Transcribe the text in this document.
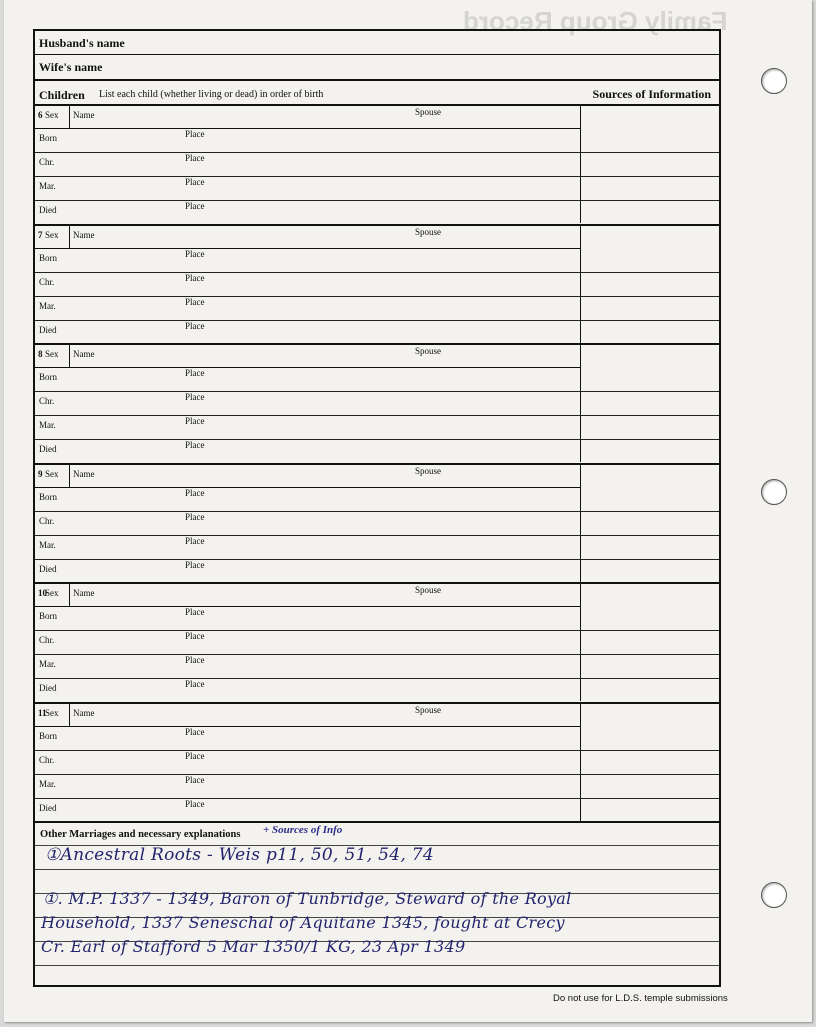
Family Group Record
Husband's name
Wife's name
Children List each child (whether living or dead) in order of birth	Sources of Information
6 Sex Name	Spouse
Born	Place
Chr.	Place
Mar.	Place
Died	Place
7 Sex Name	Spouse
Born	Place
Chr.	Place
Mar.	Place
Died	Place
8 Sex Name	Spouse
Born	Place
Chr.	Place
Mar.	Place
Died	Place
9 Sex Name	Spouse
Born	Place
Chr.	Place
Mar.	Place
Died	Place
10
Sex Name	Spouse
Born	Place
Chr.	Place
Mar.	Place
Died	Place
11
Sex Name	Spouse
Born	Place
Chr.	Place
Mar.	Place
Died	Place
Other Marriages and necessary explanations + Sources of Info
①Ancestral Roots - Weis p11, 50, 51, 54, 74
①. M.P. 1337 - 1349, Baron of Tunbridge, Steward of the Royal
Household, 1337 Seneschal of Aquitane 1345, fought at Crecy
Cr. Earl of Stafford 5 Mar 1350/1 KG, 23 Apr 1349
Do not use for L.D.S. temple submissions
